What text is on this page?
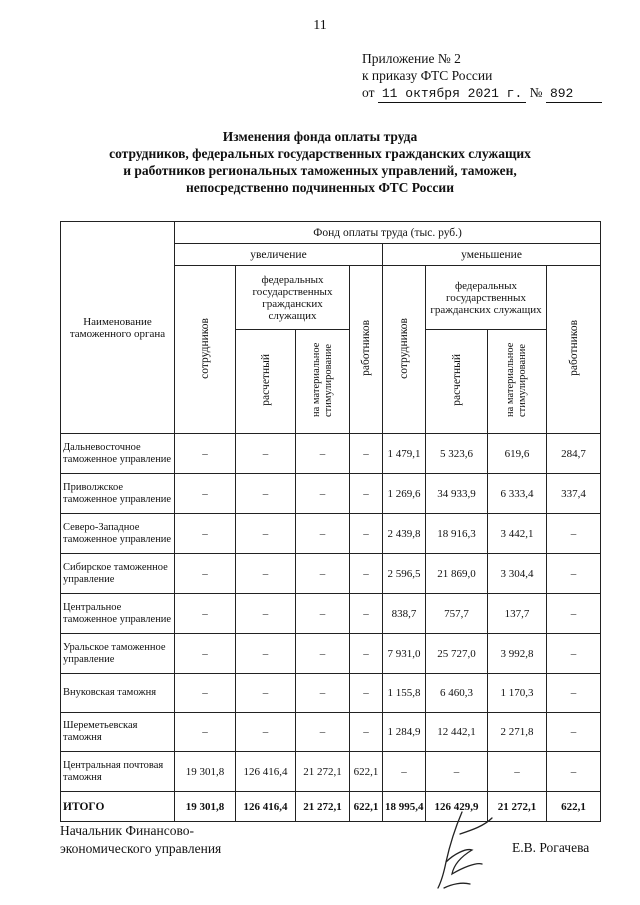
11
Приложение № 2
к приказу ФТС России
от 11 октября 2021 г. № 892
Изменения фонда оплаты труда
сотрудников, федеральных государственных гражданских служащих
и работников региональных таможенных управлений, таможен,
непосредственно подчиненных ФТС России
Наименование таможенного органа	Фонд оплаты труда (тыс. руб.)							
	увеличение				уменьшение			
	сотрудников	федеральных государственных гражданских служащих		работников	сотрудников	федеральных государственных гражданских служащих		работников
		расчетный	на материальное стимулирование			расчетный	на материальное стимулирование	
Дальневосточное таможенное управление	–	–	–	–	1 479,1	5 323,6	619,6	284,7
Приволжское таможенное управление	–	–	–	–	1 269,6	34 933,9	6 333,4	337,4
Северо-Западное таможенное управление	–	–	–	–	2 439,8	18 916,3	3 442,1	–
Сибирское таможенное управление	–	–	–	–	2 596,5	21 869,0	3 304,4	–
Центральное таможенное управление	–	–	–	–	838,7	757,7	137,7	–
Уральское таможенное управление	–	–	–	–	7 931,0	25 727,0	3 992,8	–
Внуковская таможня	–	–	–	–	1 155,8	6 460,3	1 170,3	–
Шереметьевская таможня	–	–	–	–	1 284,9	12 442,1	2 271,8	–
Центральная почтовая таможня	19 301,8	126 416,4	21 272,1	622,1	–	–	–	–
ИТОГО	19 301,8	126 416,4	21 272,1	622,1	18 995,4	126 429,9	21 272,1	622,1
Начальник Финансово-
экономического управления	Е.В. Рогачева
